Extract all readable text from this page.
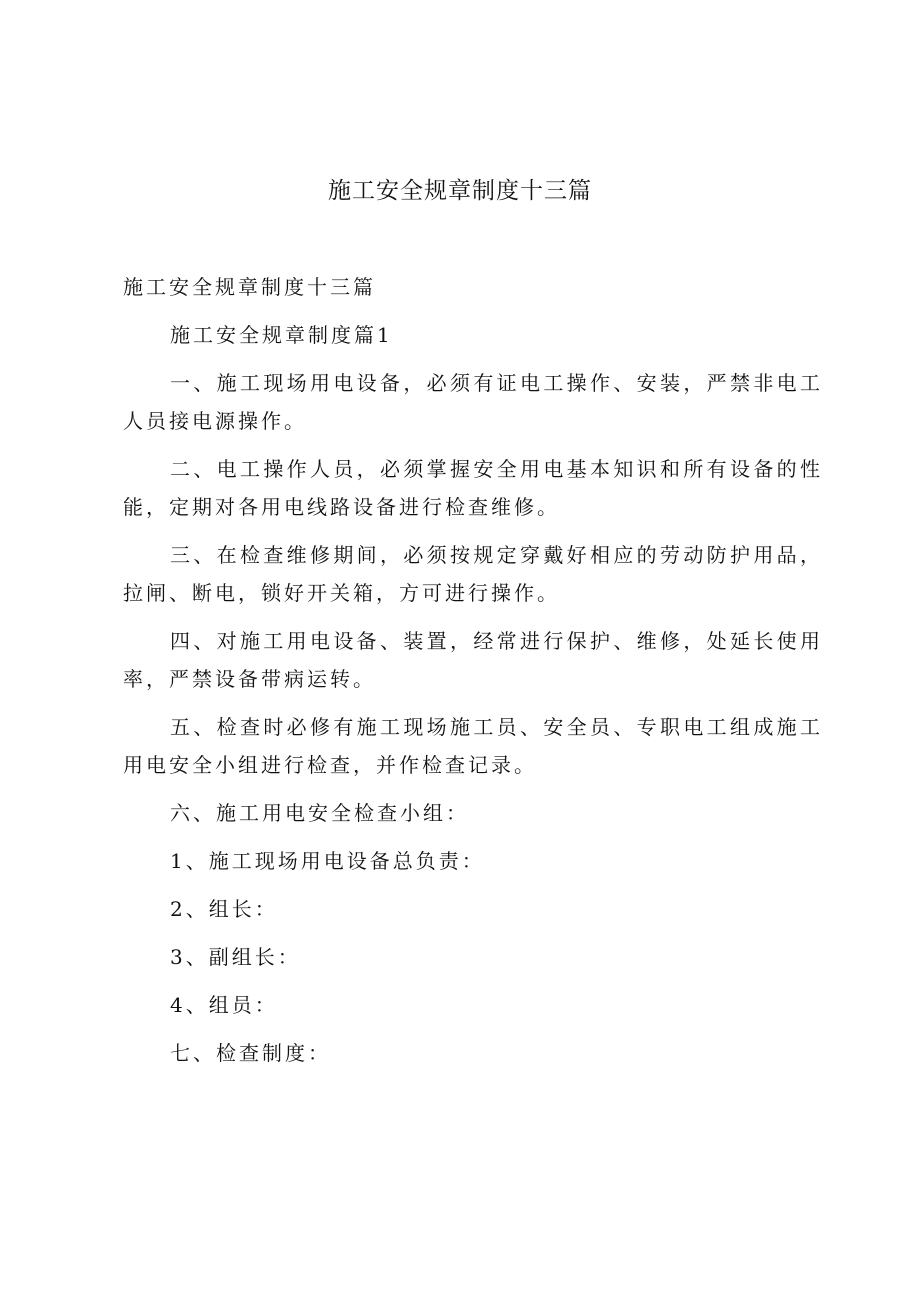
施工安全规章制度十三篇

施工安全规章制度十三篇

施工安全规章制度篇1

一、施工现场用电设备，必须有证电工操作、安装，严禁非电工人员接电源操作。

二、电工操作人员，必须掌握安全用电基本知识和所有设备的性能，定期对各用电线路设备进行检查维修。

三、在检查维修期间，必须按规定穿戴好相应的劳动防护用品，拉闸、断电，锁好开关箱，方可进行操作。

四、对施工用电设备、装置，经常进行保护、维修，处延长使用率，严禁设备带病运转。

五、检查时必修有施工现场施工员、安全员、专职电工组成施工用电安全小组进行检查，并作检查记录。

六、施工用电安全检查小组：

1、施工现场用电设备总负责：

2、组长：

3、副组长：

4、组员：

七、检查制度：
